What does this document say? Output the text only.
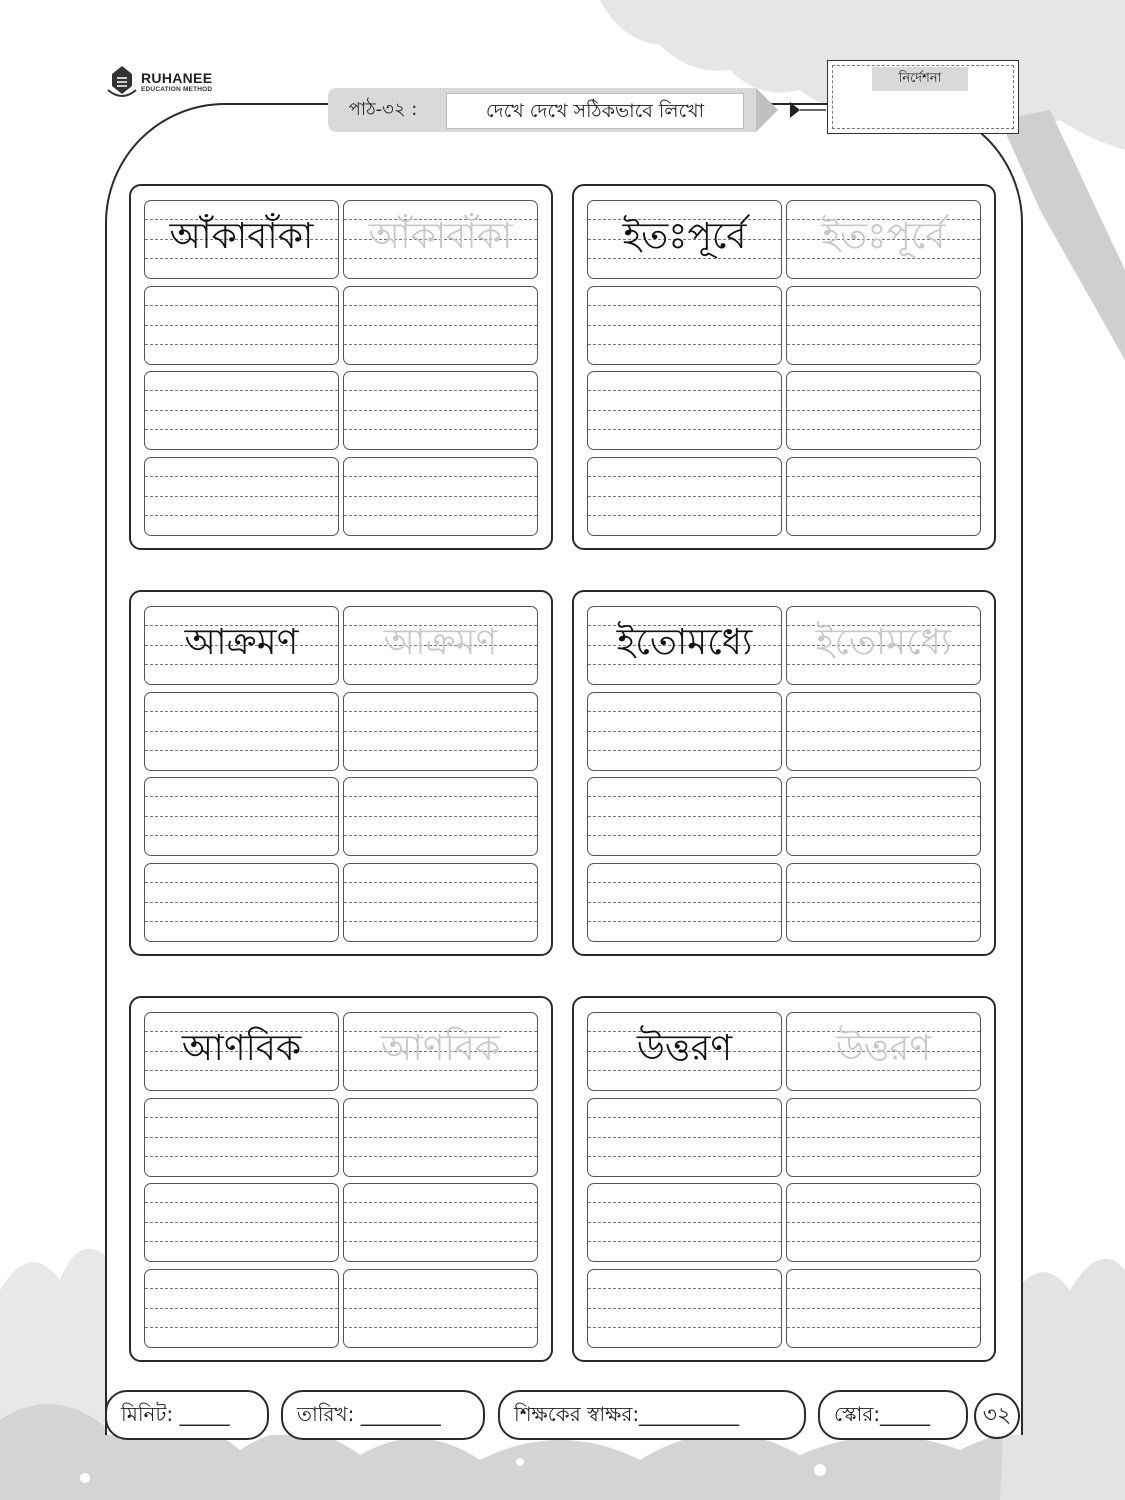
RUHANEE
EDUCATION METHOD
পাঠ-৩২ :	দেখে দেখে সঠিকভাবে লিখো
নির্দেশনা
আঁকাবাঁকা	আঁকাবাঁকা	ইতঃপূর্বে	ইতঃপূর্বে
আক্রমণ	আক্রমণ	ইতোমধ্যে	ইতোমধ্যে
আণবিক	আণবিক	উত্তরণ	উত্তরণ
মিনিট: _____	তারিখ: ________	শিক্ষকের স্বাক্ষর:__________	স্কোর:_____	৩২
